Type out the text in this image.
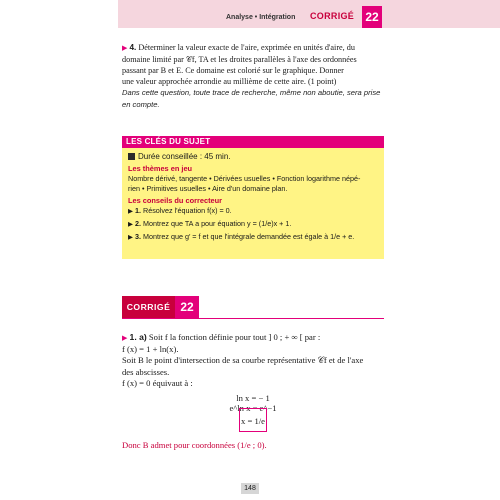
Analyse • Intégration CORRIGÉ 22
▶ 4. Déterminer la valeur exacte de l'aire, exprimée en unités d'aire, du
domaine limité par 𝒞f, TA et les droites parallèles à l'axe des ordonnées
passant par B et E. Ce domaine est colorié sur le graphique. Donner
une valeur approchée arrondie au millième de cette aire. (1 point)
Dans cette question, toute trace de recherche, même non aboutie, sera prise
en compte.
LES CLÉS DU SUJET
Durée conseillée : 45 min.
Les thèmes en jeu
Nombre dérivé, tangente • Dérivées usuelles • Fonction logarithme népé-
rien • Primitives usuelles • Aire d'un domaine plan.
Les conseils du correcteur
▶ 1. Résolvez l'équation f(x) = 0.
▶ 2. Montrez que TA a pour équation y = (1/e)x + 1.
▶ 3. Montrez que g′ = f et que l'intégrale demandée est égale à 1/e + e.
CORRIGÉ 22
▶ 1. a) Soit f la fonction définie pour tout ] 0 ; + ∞ [ par :
f (x) = 1 + ln(x).
Soit B le point d'intersection de sa courbe représentative 𝒞f et de l'axe
des abscisses.
f (x) = 0 équivaut à :
ln x = − 1
e^ln x = e^−1
x = 1/e
Donc B admet pour coordonnées (1/e ; 0).
148
